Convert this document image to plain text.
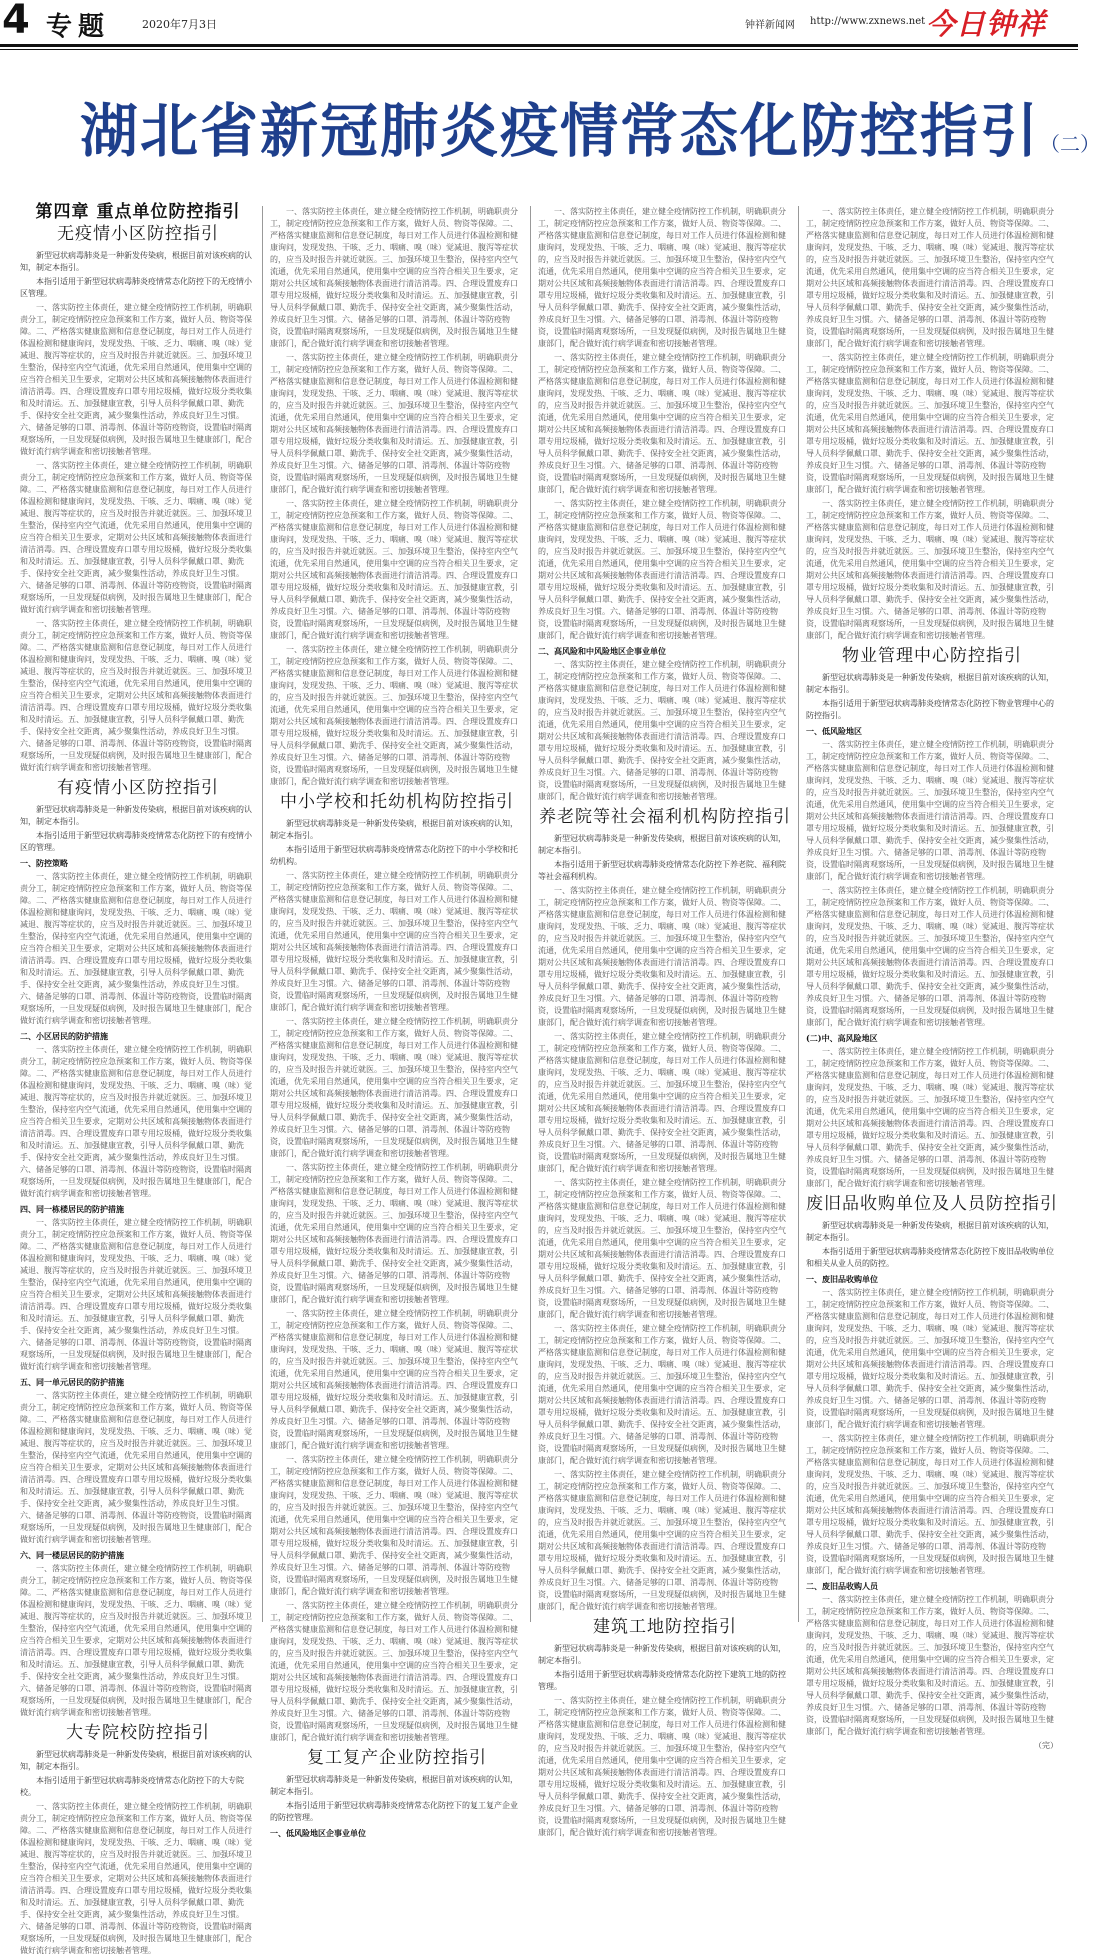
4 专题	2020年7月3日	钟祥新闻网 http://www.zxnews.net 今日钟祥
湖北省新冠肺炎疫情常态化防控指引（二）
第四章 重点单位防控指引
无疫情小区防控指引

新型冠状病毒肺炎是一种新发传染病，根据目前对该疾病的认知，制定本指引。

本指引适用于新型冠状病毒肺炎疫情常态化防控下的无疫情小区管理。

一、落实防控主体责任，建立健全疫情防控工作机制，明确职责分工，制定疫情防控应急预案和工作方案，做好人员、物资等保障。二、严格落实健康监测和信息登记制度，每日对工作人员进行体温检测和健康询问，发现发热、干咳、乏力、咽痛、嗅（味）觉减退、腹泻等症状的，应当及时报告并就近就医。三、加强环境卫生整治，保持室内空气流通，优先采用自然通风，使用集中空调的应当符合相关卫生要求，定期对公共区域和高频接触物体表面进行清洁消毒。四、合理设置废弃口罩专用垃圾桶，做好垃圾分类收集和及时清运。五、加强健康宣教，引导人员科学佩戴口罩、勤洗手、保持安全社交距离，减少聚集性活动，养成良好卫生习惯。六、储备足够的口罩、消毒剂、体温计等防疫物资，设置临时隔离观察场所，一旦发现疑似病例，及时报告属地卫生健康部门，配合做好流行病学调查和密切接触者管理。

一、落实防控主体责任，建立健全疫情防控工作机制，明确职责分工，制定疫情防控应急预案和工作方案，做好人员、物资等保障。二、严格落实健康监测和信息登记制度，每日对工作人员进行体温检测和健康询问，发现发热、干咳、乏力、咽痛、嗅（味）觉减退、腹泻等症状的，应当及时报告并就近就医。三、加强环境卫生整治，保持室内空气流通，优先采用自然通风，使用集中空调的应当符合相关卫生要求，定期对公共区域和高频接触物体表面进行清洁消毒。四、合理设置废弃口罩专用垃圾桶，做好垃圾分类收集和及时清运。五、加强健康宣教，引导人员科学佩戴口罩、勤洗手、保持安全社交距离，减少聚集性活动，养成良好卫生习惯。六、储备足够的口罩、消毒剂、体温计等防疫物资，设置临时隔离观察场所，一旦发现疑似病例，及时报告属地卫生健康部门，配合做好流行病学调查和密切接触者管理。

一、落实防控主体责任，建立健全疫情防控工作机制，明确职责分工，制定疫情防控应急预案和工作方案，做好人员、物资等保障。二、严格落实健康监测和信息登记制度，每日对工作人员进行体温检测和健康询问，发现发热、干咳、乏力、咽痛、嗅（味）觉减退、腹泻等症状的，应当及时报告并就近就医。三、加强环境卫生整治，保持室内空气流通，优先采用自然通风，使用集中空调的应当符合相关卫生要求，定期对公共区域和高频接触物体表面进行清洁消毒。四、合理设置废弃口罩专用垃圾桶，做好垃圾分类收集和及时清运。五、加强健康宣教，引导人员科学佩戴口罩、勤洗手、保持安全社交距离，减少聚集性活动，养成良好卫生习惯。六、储备足够的口罩、消毒剂、体温计等防疫物资，设置临时隔离观察场所，一旦发现疑似病例，及时报告属地卫生健康部门，配合做好流行病学调查和密切接触者管理。

有疫情小区防控指引

新型冠状病毒肺炎是一种新发传染病，根据目前对该疾病的认知，制定本指引。

本指引适用于新型冠状病毒肺炎疫情常态化防控下的有疫情小区的管理。

一、防控策略

一、落实防控主体责任，建立健全疫情防控工作机制，明确职责分工，制定疫情防控应急预案和工作方案，做好人员、物资等保障。二、严格落实健康监测和信息登记制度，每日对工作人员进行体温检测和健康询问，发现发热、干咳、乏力、咽痛、嗅（味）觉减退、腹泻等症状的，应当及时报告并就近就医。三、加强环境卫生整治，保持室内空气流通，优先采用自然通风，使用集中空调的应当符合相关卫生要求，定期对公共区域和高频接触物体表面进行清洁消毒。四、合理设置废弃口罩专用垃圾桶，做好垃圾分类收集和及时清运。五、加强健康宣教，引导人员科学佩戴口罩、勤洗手、保持安全社交距离，减少聚集性活动，养成良好卫生习惯。六、储备足够的口罩、消毒剂、体温计等防疫物资，设置临时隔离观察场所，一旦发现疑似病例，及时报告属地卫生健康部门，配合做好流行病学调查和密切接触者管理。

二、小区居民的防护措施

一、落实防控主体责任，建立健全疫情防控工作机制，明确职责分工，制定疫情防控应急预案和工作方案，做好人员、物资等保障。二、严格落实健康监测和信息登记制度，每日对工作人员进行体温检测和健康询问，发现发热、干咳、乏力、咽痛、嗅（味）觉减退、腹泻等症状的，应当及时报告并就近就医。三、加强环境卫生整治，保持室内空气流通，优先采用自然通风，使用集中空调的应当符合相关卫生要求，定期对公共区域和高频接触物体表面进行清洁消毒。四、合理设置废弃口罩专用垃圾桶，做好垃圾分类收集和及时清运。五、加强健康宣教，引导人员科学佩戴口罩、勤洗手、保持安全社交距离，减少聚集性活动，养成良好卫生习惯。六、储备足够的口罩、消毒剂、体温计等防疫物资，设置临时隔离观察场所，一旦发现疑似病例，及时报告属地卫生健康部门，配合做好流行病学调查和密切接触者管理。

四、同一栋楼居民的防护措施

一、落实防控主体责任，建立健全疫情防控工作机制，明确职责分工，制定疫情防控应急预案和工作方案，做好人员、物资等保障。二、严格落实健康监测和信息登记制度，每日对工作人员进行体温检测和健康询问，发现发热、干咳、乏力、咽痛、嗅（味）觉减退、腹泻等症状的，应当及时报告并就近就医。三、加强环境卫生整治，保持室内空气流通，优先采用自然通风，使用集中空调的应当符合相关卫生要求，定期对公共区域和高频接触物体表面进行清洁消毒。四、合理设置废弃口罩专用垃圾桶，做好垃圾分类收集和及时清运。五、加强健康宣教，引导人员科学佩戴口罩、勤洗手、保持安全社交距离，减少聚集性活动，养成良好卫生习惯。六、储备足够的口罩、消毒剂、体温计等防疫物资，设置临时隔离观察场所，一旦发现疑似病例，及时报告属地卫生健康部门，配合做好流行病学调查和密切接触者管理。

五、同一单元居民的防护措施

一、落实防控主体责任，建立健全疫情防控工作机制，明确职责分工，制定疫情防控应急预案和工作方案，做好人员、物资等保障。二、严格落实健康监测和信息登记制度，每日对工作人员进行体温检测和健康询问，发现发热、干咳、乏力、咽痛、嗅（味）觉减退、腹泻等症状的，应当及时报告并就近就医。三、加强环境卫生整治，保持室内空气流通，优先采用自然通风，使用集中空调的应当符合相关卫生要求，定期对公共区域和高频接触物体表面进行清洁消毒。四、合理设置废弃口罩专用垃圾桶，做好垃圾分类收集和及时清运。五、加强健康宣教，引导人员科学佩戴口罩、勤洗手、保持安全社交距离，减少聚集性活动，养成良好卫生习惯。六、储备足够的口罩、消毒剂、体温计等防疫物资，设置临时隔离观察场所，一旦发现疑似病例，及时报告属地卫生健康部门，配合做好流行病学调查和密切接触者管理。

六、同一楼层居民的防护措施

一、落实防控主体责任，建立健全疫情防控工作机制，明确职责分工，制定疫情防控应急预案和工作方案，做好人员、物资等保障。二、严格落实健康监测和信息登记制度，每日对工作人员进行体温检测和健康询问，发现发热、干咳、乏力、咽痛、嗅（味）觉减退、腹泻等症状的，应当及时报告并就近就医。三、加强环境卫生整治，保持室内空气流通，优先采用自然通风，使用集中空调的应当符合相关卫生要求，定期对公共区域和高频接触物体表面进行清洁消毒。四、合理设置废弃口罩专用垃圾桶，做好垃圾分类收集和及时清运。五、加强健康宣教，引导人员科学佩戴口罩、勤洗手、保持安全社交距离，减少聚集性活动，养成良好卫生习惯。六、储备足够的口罩、消毒剂、体温计等防疫物资，设置临时隔离观察场所，一旦发现疑似病例，及时报告属地卫生健康部门，配合做好流行病学调查和密切接触者管理。

大专院校防控指引

新型冠状病毒肺炎是一种新发传染病，根据目前对该疾病的认知，制定本指引。

本指引适用于新型冠状病毒肺炎疫情常态化防控下的大专院校。

一、落实防控主体责任，建立健全疫情防控工作机制，明确职责分工，制定疫情防控应急预案和工作方案，做好人员、物资等保障。二、严格落实健康监测和信息登记制度，每日对工作人员进行体温检测和健康询问，发现发热、干咳、乏力、咽痛、嗅（味）觉减退、腹泻等症状的，应当及时报告并就近就医。三、加强环境卫生整治，保持室内空气流通，优先采用自然通风，使用集中空调的应当符合相关卫生要求，定期对公共区域和高频接触物体表面进行清洁消毒。四、合理设置废弃口罩专用垃圾桶，做好垃圾分类收集和及时清运。五、加强健康宣教，引导人员科学佩戴口罩、勤洗手、保持安全社交距离，减少聚集性活动，养成良好卫生习惯。六、储备足够的口罩、消毒剂、体温计等防疫物资，设置临时隔离观察场所，一旦发现疑似病例，及时报告属地卫生健康部门，配合做好流行病学调查和密切接触者管理。

一、落实防控主体责任，建立健全疫情防控工作机制，明确职责分工，制定疫情防控应急预案和工作方案，做好人员、物资等保障。二、严格落实健康监测和信息登记制度，每日对工作人员进行体温检测和健康询问，发现发热、干咳、乏力、咽痛、嗅（味）觉减退、腹泻等症状的，应当及时报告并就近就医。三、加强环境卫生整治，保持室内空气流通，优先采用自然通风，使用集中空调的应当符合相关卫生要求，定期对公共区域和高频接触物体表面进行清洁消毒。四、合理设置废弃口罩专用垃圾桶，做好垃圾分类收集和及时清运。五、加强健康宣教，引导人员科学佩戴口罩、勤洗手、保持安全社交距离，减少聚集性活动，养成良好卫生习惯。六、储备足够的口罩、消毒剂、体温计等防疫物资，设置临时隔离观察场所，一旦发现疑似病例，及时报告属地卫生健康部门，配合做好流行病学调查和密切接触者管理。

一、落实防控主体责任，建立健全疫情防控工作机制，明确职责分工，制定疫情防控应急预案和工作方案，做好人员、物资等保障。二、严格落实健康监测和信息登记制度，每日对工作人员进行体温检测和健康询问，发现发热、干咳、乏力、咽痛、嗅（味）觉减退、腹泻等症状的，应当及时报告并就近就医。三、加强环境卫生整治，保持室内空气流通，优先采用自然通风，使用集中空调的应当符合相关卫生要求，定期对公共区域和高频接触物体表面进行清洁消毒。四、合理设置废弃口罩专用垃圾桶，做好垃圾分类收集和及时清运。五、加强健康宣教，引导人员科学佩戴口罩、勤洗手、保持安全社交距离，减少聚集性活动，养成良好卫生习惯。六、储备足够的口罩、消毒剂、体温计等防疫物资，设置临时隔离观察场所，一旦发现疑似病例，及时报告属地卫生健康部门，配合做好流行病学调查和密切接触者管理。

一、落实防控主体责任，建立健全疫情防控工作机制，明确职责分工，制定疫情防控应急预案和工作方案，做好人员、物资等保障。二、严格落实健康监测和信息登记制度，每日对工作人员进行体温检测和健康询问，发现发热、干咳、乏力、咽痛、嗅（味）觉减退、腹泻等症状的，应当及时报告并就近就医。三、加强环境卫生整治，保持室内空气流通，优先采用自然通风，使用集中空调的应当符合相关卫生要求，定期对公共区域和高频接触物体表面进行清洁消毒。四、合理设置废弃口罩专用垃圾桶，做好垃圾分类收集和及时清运。五、加强健康宣教，引导人员科学佩戴口罩、勤洗手、保持安全社交距离，减少聚集性活动，养成良好卫生习惯。六、储备足够的口罩、消毒剂、体温计等防疫物资，设置临时隔离观察场所，一旦发现疑似病例，及时报告属地卫生健康部门，配合做好流行病学调查和密切接触者管理。

一、落实防控主体责任，建立健全疫情防控工作机制，明确职责分工，制定疫情防控应急预案和工作方案，做好人员、物资等保障。二、严格落实健康监测和信息登记制度，每日对工作人员进行体温检测和健康询问，发现发热、干咳、乏力、咽痛、嗅（味）觉减退、腹泻等症状的，应当及时报告并就近就医。三、加强环境卫生整治，保持室内空气流通，优先采用自然通风，使用集中空调的应当符合相关卫生要求，定期对公共区域和高频接触物体表面进行清洁消毒。四、合理设置废弃口罩专用垃圾桶，做好垃圾分类收集和及时清运。五、加强健康宣教，引导人员科学佩戴口罩、勤洗手、保持安全社交距离，减少聚集性活动，养成良好卫生习惯。六、储备足够的口罩、消毒剂、体温计等防疫物资，设置临时隔离观察场所，一旦发现疑似病例，及时报告属地卫生健康部门，配合做好流行病学调查和密切接触者管理。

中小学校和托幼机构防控指引

新型冠状病毒肺炎是一种新发传染病，根据目前对该疾病的认知，制定本指引。

本指引适用于新型冠状病毒肺炎疫情常态化防控下的中小学校和托幼机构。

一、落实防控主体责任，建立健全疫情防控工作机制，明确职责分工，制定疫情防控应急预案和工作方案，做好人员、物资等保障。二、严格落实健康监测和信息登记制度，每日对工作人员进行体温检测和健康询问，发现发热、干咳、乏力、咽痛、嗅（味）觉减退、腹泻等症状的，应当及时报告并就近就医。三、加强环境卫生整治，保持室内空气流通，优先采用自然通风，使用集中空调的应当符合相关卫生要求，定期对公共区域和高频接触物体表面进行清洁消毒。四、合理设置废弃口罩专用垃圾桶，做好垃圾分类收集和及时清运。五、加强健康宣教，引导人员科学佩戴口罩、勤洗手、保持安全社交距离，减少聚集性活动，养成良好卫生习惯。六、储备足够的口罩、消毒剂、体温计等防疫物资，设置临时隔离观察场所，一旦发现疑似病例，及时报告属地卫生健康部门，配合做好流行病学调查和密切接触者管理。

一、落实防控主体责任，建立健全疫情防控工作机制，明确职责分工，制定疫情防控应急预案和工作方案，做好人员、物资等保障。二、严格落实健康监测和信息登记制度，每日对工作人员进行体温检测和健康询问，发现发热、干咳、乏力、咽痛、嗅（味）觉减退、腹泻等症状的，应当及时报告并就近就医。三、加强环境卫生整治，保持室内空气流通，优先采用自然通风，使用集中空调的应当符合相关卫生要求，定期对公共区域和高频接触物体表面进行清洁消毒。四、合理设置废弃口罩专用垃圾桶，做好垃圾分类收集和及时清运。五、加强健康宣教，引导人员科学佩戴口罩、勤洗手、保持安全社交距离，减少聚集性活动，养成良好卫生习惯。六、储备足够的口罩、消毒剂、体温计等防疫物资，设置临时隔离观察场所，一旦发现疑似病例，及时报告属地卫生健康部门，配合做好流行病学调查和密切接触者管理。

一、落实防控主体责任，建立健全疫情防控工作机制，明确职责分工，制定疫情防控应急预案和工作方案，做好人员、物资等保障。二、严格落实健康监测和信息登记制度，每日对工作人员进行体温检测和健康询问，发现发热、干咳、乏力、咽痛、嗅（味）觉减退、腹泻等症状的，应当及时报告并就近就医。三、加强环境卫生整治，保持室内空气流通，优先采用自然通风，使用集中空调的应当符合相关卫生要求，定期对公共区域和高频接触物体表面进行清洁消毒。四、合理设置废弃口罩专用垃圾桶，做好垃圾分类收集和及时清运。五、加强健康宣教，引导人员科学佩戴口罩、勤洗手、保持安全社交距离，减少聚集性活动，养成良好卫生习惯。六、储备足够的口罩、消毒剂、体温计等防疫物资，设置临时隔离观察场所，一旦发现疑似病例，及时报告属地卫生健康部门，配合做好流行病学调查和密切接触者管理。

一、落实防控主体责任，建立健全疫情防控工作机制，明确职责分工，制定疫情防控应急预案和工作方案，做好人员、物资等保障。二、严格落实健康监测和信息登记制度，每日对工作人员进行体温检测和健康询问，发现发热、干咳、乏力、咽痛、嗅（味）觉减退、腹泻等症状的，应当及时报告并就近就医。三、加强环境卫生整治，保持室内空气流通，优先采用自然通风，使用集中空调的应当符合相关卫生要求，定期对公共区域和高频接触物体表面进行清洁消毒。四、合理设置废弃口罩专用垃圾桶，做好垃圾分类收集和及时清运。五、加强健康宣教，引导人员科学佩戴口罩、勤洗手、保持安全社交距离，减少聚集性活动，养成良好卫生习惯。六、储备足够的口罩、消毒剂、体温计等防疫物资，设置临时隔离观察场所，一旦发现疑似病例，及时报告属地卫生健康部门，配合做好流行病学调查和密切接触者管理。

一、落实防控主体责任，建立健全疫情防控工作机制，明确职责分工，制定疫情防控应急预案和工作方案，做好人员、物资等保障。二、严格落实健康监测和信息登记制度，每日对工作人员进行体温检测和健康询问，发现发热、干咳、乏力、咽痛、嗅（味）觉减退、腹泻等症状的，应当及时报告并就近就医。三、加强环境卫生整治，保持室内空气流通，优先采用自然通风，使用集中空调的应当符合相关卫生要求，定期对公共区域和高频接触物体表面进行清洁消毒。四、合理设置废弃口罩专用垃圾桶，做好垃圾分类收集和及时清运。五、加强健康宣教，引导人员科学佩戴口罩、勤洗手、保持安全社交距离，减少聚集性活动，养成良好卫生习惯。六、储备足够的口罩、消毒剂、体温计等防疫物资，设置临时隔离观察场所，一旦发现疑似病例，及时报告属地卫生健康部门，配合做好流行病学调查和密切接触者管理。

一、落实防控主体责任，建立健全疫情防控工作机制，明确职责分工，制定疫情防控应急预案和工作方案，做好人员、物资等保障。二、严格落实健康监测和信息登记制度，每日对工作人员进行体温检测和健康询问，发现发热、干咳、乏力、咽痛、嗅（味）觉减退、腹泻等症状的，应当及时报告并就近就医。三、加强环境卫生整治，保持室内空气流通，优先采用自然通风，使用集中空调的应当符合相关卫生要求，定期对公共区域和高频接触物体表面进行清洁消毒。四、合理设置废弃口罩专用垃圾桶，做好垃圾分类收集和及时清运。五、加强健康宣教，引导人员科学佩戴口罩、勤洗手、保持安全社交距离，减少聚集性活动，养成良好卫生习惯。六、储备足够的口罩、消毒剂、体温计等防疫物资，设置临时隔离观察场所，一旦发现疑似病例，及时报告属地卫生健康部门，配合做好流行病学调查和密切接触者管理。

复工复产企业防控指引

新型冠状病毒肺炎是一种新发传染病，根据目前对该疾病的认知，制定本指引。

本指引适用于新型冠状病毒肺炎疫情常态化防控下的复工复产企业的防控管理。

一、低风险地区企事业单位

一、落实防控主体责任，建立健全疫情防控工作机制，明确职责分工，制定疫情防控应急预案和工作方案，做好人员、物资等保障。二、严格落实健康监测和信息登记制度，每日对工作人员进行体温检测和健康询问，发现发热、干咳、乏力、咽痛、嗅（味）觉减退、腹泻等症状的，应当及时报告并就近就医。三、加强环境卫生整治，保持室内空气流通，优先采用自然通风，使用集中空调的应当符合相关卫生要求，定期对公共区域和高频接触物体表面进行清洁消毒。四、合理设置废弃口罩专用垃圾桶，做好垃圾分类收集和及时清运。五、加强健康宣教，引导人员科学佩戴口罩、勤洗手、保持安全社交距离，减少聚集性活动，养成良好卫生习惯。六、储备足够的口罩、消毒剂、体温计等防疫物资，设置临时隔离观察场所，一旦发现疑似病例，及时报告属地卫生健康部门，配合做好流行病学调查和密切接触者管理。

一、落实防控主体责任，建立健全疫情防控工作机制，明确职责分工，制定疫情防控应急预案和工作方案，做好人员、物资等保障。二、严格落实健康监测和信息登记制度，每日对工作人员进行体温检测和健康询问，发现发热、干咳、乏力、咽痛、嗅（味）觉减退、腹泻等症状的，应当及时报告并就近就医。三、加强环境卫生整治，保持室内空气流通，优先采用自然通风，使用集中空调的应当符合相关卫生要求，定期对公共区域和高频接触物体表面进行清洁消毒。四、合理设置废弃口罩专用垃圾桶，做好垃圾分类收集和及时清运。五、加强健康宣教，引导人员科学佩戴口罩、勤洗手、保持安全社交距离，减少聚集性活动，养成良好卫生习惯。六、储备足够的口罩、消毒剂、体温计等防疫物资，设置临时隔离观察场所，一旦发现疑似病例，及时报告属地卫生健康部门，配合做好流行病学调查和密切接触者管理。

一、落实防控主体责任，建立健全疫情防控工作机制，明确职责分工，制定疫情防控应急预案和工作方案，做好人员、物资等保障。二、严格落实健康监测和信息登记制度，每日对工作人员进行体温检测和健康询问，发现发热、干咳、乏力、咽痛、嗅（味）觉减退、腹泻等症状的，应当及时报告并就近就医。三、加强环境卫生整治，保持室内空气流通，优先采用自然通风，使用集中空调的应当符合相关卫生要求，定期对公共区域和高频接触物体表面进行清洁消毒。四、合理设置废弃口罩专用垃圾桶，做好垃圾分类收集和及时清运。五、加强健康宣教，引导人员科学佩戴口罩、勤洗手、保持安全社交距离，减少聚集性活动，养成良好卫生习惯。六、储备足够的口罩、消毒剂、体温计等防疫物资，设置临时隔离观察场所，一旦发现疑似病例，及时报告属地卫生健康部门，配合做好流行病学调查和密切接触者管理。

二、高风险和中风险地区企事业单位

一、落实防控主体责任，建立健全疫情防控工作机制，明确职责分工，制定疫情防控应急预案和工作方案，做好人员、物资等保障。二、严格落实健康监测和信息登记制度，每日对工作人员进行体温检测和健康询问，发现发热、干咳、乏力、咽痛、嗅（味）觉减退、腹泻等症状的，应当及时报告并就近就医。三、加强环境卫生整治，保持室内空气流通，优先采用自然通风，使用集中空调的应当符合相关卫生要求，定期对公共区域和高频接触物体表面进行清洁消毒。四、合理设置废弃口罩专用垃圾桶，做好垃圾分类收集和及时清运。五、加强健康宣教，引导人员科学佩戴口罩、勤洗手、保持安全社交距离，减少聚集性活动，养成良好卫生习惯。六、储备足够的口罩、消毒剂、体温计等防疫物资，设置临时隔离观察场所，一旦发现疑似病例，及时报告属地卫生健康部门，配合做好流行病学调查和密切接触者管理。

养老院等社会福利机构防控指引

新型冠状病毒肺炎是一种新发传染病，根据目前对该疾病的认知，制定本指引。

本指引适用于新型冠状病毒肺炎疫情常态化防控下养老院、福利院等社会福利机构。

一、落实防控主体责任，建立健全疫情防控工作机制，明确职责分工，制定疫情防控应急预案和工作方案，做好人员、物资等保障。二、严格落实健康监测和信息登记制度，每日对工作人员进行体温检测和健康询问，发现发热、干咳、乏力、咽痛、嗅（味）觉减退、腹泻等症状的，应当及时报告并就近就医。三、加强环境卫生整治，保持室内空气流通，优先采用自然通风，使用集中空调的应当符合相关卫生要求，定期对公共区域和高频接触物体表面进行清洁消毒。四、合理设置废弃口罩专用垃圾桶，做好垃圾分类收集和及时清运。五、加强健康宣教，引导人员科学佩戴口罩、勤洗手、保持安全社交距离，减少聚集性活动，养成良好卫生习惯。六、储备足够的口罩、消毒剂、体温计等防疫物资，设置临时隔离观察场所，一旦发现疑似病例，及时报告属地卫生健康部门，配合做好流行病学调查和密切接触者管理。

一、落实防控主体责任，建立健全疫情防控工作机制，明确职责分工，制定疫情防控应急预案和工作方案，做好人员、物资等保障。二、严格落实健康监测和信息登记制度，每日对工作人员进行体温检测和健康询问，发现发热、干咳、乏力、咽痛、嗅（味）觉减退、腹泻等症状的，应当及时报告并就近就医。三、加强环境卫生整治，保持室内空气流通，优先采用自然通风，使用集中空调的应当符合相关卫生要求，定期对公共区域和高频接触物体表面进行清洁消毒。四、合理设置废弃口罩专用垃圾桶，做好垃圾分类收集和及时清运。五、加强健康宣教，引导人员科学佩戴口罩、勤洗手、保持安全社交距离，减少聚集性活动，养成良好卫生习惯。六、储备足够的口罩、消毒剂、体温计等防疫物资，设置临时隔离观察场所，一旦发现疑似病例，及时报告属地卫生健康部门，配合做好流行病学调查和密切接触者管理。

一、落实防控主体责任，建立健全疫情防控工作机制，明确职责分工，制定疫情防控应急预案和工作方案，做好人员、物资等保障。二、严格落实健康监测和信息登记制度，每日对工作人员进行体温检测和健康询问，发现发热、干咳、乏力、咽痛、嗅（味）觉减退、腹泻等症状的，应当及时报告并就近就医。三、加强环境卫生整治，保持室内空气流通，优先采用自然通风，使用集中空调的应当符合相关卫生要求，定期对公共区域和高频接触物体表面进行清洁消毒。四、合理设置废弃口罩专用垃圾桶，做好垃圾分类收集和及时清运。五、加强健康宣教，引导人员科学佩戴口罩、勤洗手、保持安全社交距离，减少聚集性活动，养成良好卫生习惯。六、储备足够的口罩、消毒剂、体温计等防疫物资，设置临时隔离观察场所，一旦发现疑似病例，及时报告属地卫生健康部门，配合做好流行病学调查和密切接触者管理。

一、落实防控主体责任，建立健全疫情防控工作机制，明确职责分工，制定疫情防控应急预案和工作方案，做好人员、物资等保障。二、严格落实健康监测和信息登记制度，每日对工作人员进行体温检测和健康询问，发现发热、干咳、乏力、咽痛、嗅（味）觉减退、腹泻等症状的，应当及时报告并就近就医。三、加强环境卫生整治，保持室内空气流通，优先采用自然通风，使用集中空调的应当符合相关卫生要求，定期对公共区域和高频接触物体表面进行清洁消毒。四、合理设置废弃口罩专用垃圾桶，做好垃圾分类收集和及时清运。五、加强健康宣教，引导人员科学佩戴口罩、勤洗手、保持安全社交距离，减少聚集性活动，养成良好卫生习惯。六、储备足够的口罩、消毒剂、体温计等防疫物资，设置临时隔离观察场所，一旦发现疑似病例，及时报告属地卫生健康部门，配合做好流行病学调查和密切接触者管理。

一、落实防控主体责任，建立健全疫情防控工作机制，明确职责分工，制定疫情防控应急预案和工作方案，做好人员、物资等保障。二、严格落实健康监测和信息登记制度，每日对工作人员进行体温检测和健康询问，发现发热、干咳、乏力、咽痛、嗅（味）觉减退、腹泻等症状的，应当及时报告并就近就医。三、加强环境卫生整治，保持室内空气流通，优先采用自然通风，使用集中空调的应当符合相关卫生要求，定期对公共区域和高频接触物体表面进行清洁消毒。四、合理设置废弃口罩专用垃圾桶，做好垃圾分类收集和及时清运。五、加强健康宣教，引导人员科学佩戴口罩、勤洗手、保持安全社交距离，减少聚集性活动，养成良好卫生习惯。六、储备足够的口罩、消毒剂、体温计等防疫物资，设置临时隔离观察场所，一旦发现疑似病例，及时报告属地卫生健康部门，配合做好流行病学调查和密切接触者管理。

建筑工地防控指引

新型冠状病毒肺炎是一种新发传染病，根据目前对该疾病的认知，制定本指引。

本指引适用于新型冠状病毒肺炎疫情常态化防控下建筑工地的防控管理。

一、落实防控主体责任，建立健全疫情防控工作机制，明确职责分工，制定疫情防控应急预案和工作方案，做好人员、物资等保障。二、严格落实健康监测和信息登记制度，每日对工作人员进行体温检测和健康询问，发现发热、干咳、乏力、咽痛、嗅（味）觉减退、腹泻等症状的，应当及时报告并就近就医。三、加强环境卫生整治，保持室内空气流通，优先采用自然通风，使用集中空调的应当符合相关卫生要求，定期对公共区域和高频接触物体表面进行清洁消毒。四、合理设置废弃口罩专用垃圾桶，做好垃圾分类收集和及时清运。五、加强健康宣教，引导人员科学佩戴口罩、勤洗手、保持安全社交距离，减少聚集性活动，养成良好卫生习惯。六、储备足够的口罩、消毒剂、体温计等防疫物资，设置临时隔离观察场所，一旦发现疑似病例，及时报告属地卫生健康部门，配合做好流行病学调查和密切接触者管理。

一、落实防控主体责任，建立健全疫情防控工作机制，明确职责分工，制定疫情防控应急预案和工作方案，做好人员、物资等保障。二、严格落实健康监测和信息登记制度，每日对工作人员进行体温检测和健康询问，发现发热、干咳、乏力、咽痛、嗅（味）觉减退、腹泻等症状的，应当及时报告并就近就医。三、加强环境卫生整治，保持室内空气流通，优先采用自然通风，使用集中空调的应当符合相关卫生要求，定期对公共区域和高频接触物体表面进行清洁消毒。四、合理设置废弃口罩专用垃圾桶，做好垃圾分类收集和及时清运。五、加强健康宣教，引导人员科学佩戴口罩、勤洗手、保持安全社交距离，减少聚集性活动，养成良好卫生习惯。六、储备足够的口罩、消毒剂、体温计等防疫物资，设置临时隔离观察场所，一旦发现疑似病例，及时报告属地卫生健康部门，配合做好流行病学调查和密切接触者管理。

一、落实防控主体责任，建立健全疫情防控工作机制，明确职责分工，制定疫情防控应急预案和工作方案，做好人员、物资等保障。二、严格落实健康监测和信息登记制度，每日对工作人员进行体温检测和健康询问，发现发热、干咳、乏力、咽痛、嗅（味）觉减退、腹泻等症状的，应当及时报告并就近就医。三、加强环境卫生整治，保持室内空气流通，优先采用自然通风，使用集中空调的应当符合相关卫生要求，定期对公共区域和高频接触物体表面进行清洁消毒。四、合理设置废弃口罩专用垃圾桶，做好垃圾分类收集和及时清运。五、加强健康宣教，引导人员科学佩戴口罩、勤洗手、保持安全社交距离，减少聚集性活动，养成良好卫生习惯。六、储备足够的口罩、消毒剂、体温计等防疫物资，设置临时隔离观察场所，一旦发现疑似病例，及时报告属地卫生健康部门，配合做好流行病学调查和密切接触者管理。

一、落实防控主体责任，建立健全疫情防控工作机制，明确职责分工，制定疫情防控应急预案和工作方案，做好人员、物资等保障。二、严格落实健康监测和信息登记制度，每日对工作人员进行体温检测和健康询问，发现发热、干咳、乏力、咽痛、嗅（味）觉减退、腹泻等症状的，应当及时报告并就近就医。三、加强环境卫生整治，保持室内空气流通，优先采用自然通风，使用集中空调的应当符合相关卫生要求，定期对公共区域和高频接触物体表面进行清洁消毒。四、合理设置废弃口罩专用垃圾桶，做好垃圾分类收集和及时清运。五、加强健康宣教，引导人员科学佩戴口罩、勤洗手、保持安全社交距离，减少聚集性活动，养成良好卫生习惯。六、储备足够的口罩、消毒剂、体温计等防疫物资，设置临时隔离观察场所，一旦发现疑似病例，及时报告属地卫生健康部门，配合做好流行病学调查和密切接触者管理。

物业管理中心防控指引

新型冠状病毒肺炎是一种新发传染病，根据目前对该疾病的认知，制定本指引。

本指引适用于新型冠状病毒肺炎疫情常态化防控下物业管理中心的防控指引。

一、低风险地区

一、落实防控主体责任，建立健全疫情防控工作机制，明确职责分工，制定疫情防控应急预案和工作方案，做好人员、物资等保障。二、严格落实健康监测和信息登记制度，每日对工作人员进行体温检测和健康询问，发现发热、干咳、乏力、咽痛、嗅（味）觉减退、腹泻等症状的，应当及时报告并就近就医。三、加强环境卫生整治，保持室内空气流通，优先采用自然通风，使用集中空调的应当符合相关卫生要求，定期对公共区域和高频接触物体表面进行清洁消毒。四、合理设置废弃口罩专用垃圾桶，做好垃圾分类收集和及时清运。五、加强健康宣教，引导人员科学佩戴口罩、勤洗手、保持安全社交距离，减少聚集性活动，养成良好卫生习惯。六、储备足够的口罩、消毒剂、体温计等防疫物资，设置临时隔离观察场所，一旦发现疑似病例，及时报告属地卫生健康部门，配合做好流行病学调查和密切接触者管理。

一、落实防控主体责任，建立健全疫情防控工作机制，明确职责分工，制定疫情防控应急预案和工作方案，做好人员、物资等保障。二、严格落实健康监测和信息登记制度，每日对工作人员进行体温检测和健康询问，发现发热、干咳、乏力、咽痛、嗅（味）觉减退、腹泻等症状的，应当及时报告并就近就医。三、加强环境卫生整治，保持室内空气流通，优先采用自然通风，使用集中空调的应当符合相关卫生要求，定期对公共区域和高频接触物体表面进行清洁消毒。四、合理设置废弃口罩专用垃圾桶，做好垃圾分类收集和及时清运。五、加强健康宣教，引导人员科学佩戴口罩、勤洗手、保持安全社交距离，减少聚集性活动，养成良好卫生习惯。六、储备足够的口罩、消毒剂、体温计等防疫物资，设置临时隔离观察场所，一旦发现疑似病例，及时报告属地卫生健康部门，配合做好流行病学调查和密切接触者管理。

(二)中、高风险地区

一、落实防控主体责任，建立健全疫情防控工作机制，明确职责分工，制定疫情防控应急预案和工作方案，做好人员、物资等保障。二、严格落实健康监测和信息登记制度，每日对工作人员进行体温检测和健康询问，发现发热、干咳、乏力、咽痛、嗅（味）觉减退、腹泻等症状的，应当及时报告并就近就医。三、加强环境卫生整治，保持室内空气流通，优先采用自然通风，使用集中空调的应当符合相关卫生要求，定期对公共区域和高频接触物体表面进行清洁消毒。四、合理设置废弃口罩专用垃圾桶，做好垃圾分类收集和及时清运。五、加强健康宣教，引导人员科学佩戴口罩、勤洗手、保持安全社交距离，减少聚集性活动，养成良好卫生习惯。六、储备足够的口罩、消毒剂、体温计等防疫物资，设置临时隔离观察场所，一旦发现疑似病例，及时报告属地卫生健康部门，配合做好流行病学调查和密切接触者管理。

废旧品收购单位及人员防控指引

新型冠状病毒肺炎是一种新发传染病，根据目前对该疾病的认知，制定本指引。

本指引适用于新型冠状病毒肺炎疫情常态化防控下废旧品收购单位和相关从业人员的防控。

一、废旧品收购单位

一、落实防控主体责任，建立健全疫情防控工作机制，明确职责分工，制定疫情防控应急预案和工作方案，做好人员、物资等保障。二、严格落实健康监测和信息登记制度，每日对工作人员进行体温检测和健康询问，发现发热、干咳、乏力、咽痛、嗅（味）觉减退、腹泻等症状的，应当及时报告并就近就医。三、加强环境卫生整治，保持室内空气流通，优先采用自然通风，使用集中空调的应当符合相关卫生要求，定期对公共区域和高频接触物体表面进行清洁消毒。四、合理设置废弃口罩专用垃圾桶，做好垃圾分类收集和及时清运。五、加强健康宣教，引导人员科学佩戴口罩、勤洗手、保持安全社交距离，减少聚集性活动，养成良好卫生习惯。六、储备足够的口罩、消毒剂、体温计等防疫物资，设置临时隔离观察场所，一旦发现疑似病例，及时报告属地卫生健康部门，配合做好流行病学调查和密切接触者管理。

一、落实防控主体责任，建立健全疫情防控工作机制，明确职责分工，制定疫情防控应急预案和工作方案，做好人员、物资等保障。二、严格落实健康监测和信息登记制度，每日对工作人员进行体温检测和健康询问，发现发热、干咳、乏力、咽痛、嗅（味）觉减退、腹泻等症状的，应当及时报告并就近就医。三、加强环境卫生整治，保持室内空气流通，优先采用自然通风，使用集中空调的应当符合相关卫生要求，定期对公共区域和高频接触物体表面进行清洁消毒。四、合理设置废弃口罩专用垃圾桶，做好垃圾分类收集和及时清运。五、加强健康宣教，引导人员科学佩戴口罩、勤洗手、保持安全社交距离，减少聚集性活动，养成良好卫生习惯。六、储备足够的口罩、消毒剂、体温计等防疫物资，设置临时隔离观察场所，一旦发现疑似病例，及时报告属地卫生健康部门，配合做好流行病学调查和密切接触者管理。

二、废旧品收购人员

一、落实防控主体责任，建立健全疫情防控工作机制，明确职责分工，制定疫情防控应急预案和工作方案，做好人员、物资等保障。二、严格落实健康监测和信息登记制度，每日对工作人员进行体温检测和健康询问，发现发热、干咳、乏力、咽痛、嗅（味）觉减退、腹泻等症状的，应当及时报告并就近就医。三、加强环境卫生整治，保持室内空气流通，优先采用自然通风，使用集中空调的应当符合相关卫生要求，定期对公共区域和高频接触物体表面进行清洁消毒。四、合理设置废弃口罩专用垃圾桶，做好垃圾分类收集和及时清运。五、加强健康宣教，引导人员科学佩戴口罩、勤洗手、保持安全社交距离，减少聚集性活动，养成良好卫生习惯。六、储备足够的口罩、消毒剂、体温计等防疫物资，设置临时隔离观察场所，一旦发现疑似病例，及时报告属地卫生健康部门，配合做好流行病学调查和密切接触者管理。

（完）
